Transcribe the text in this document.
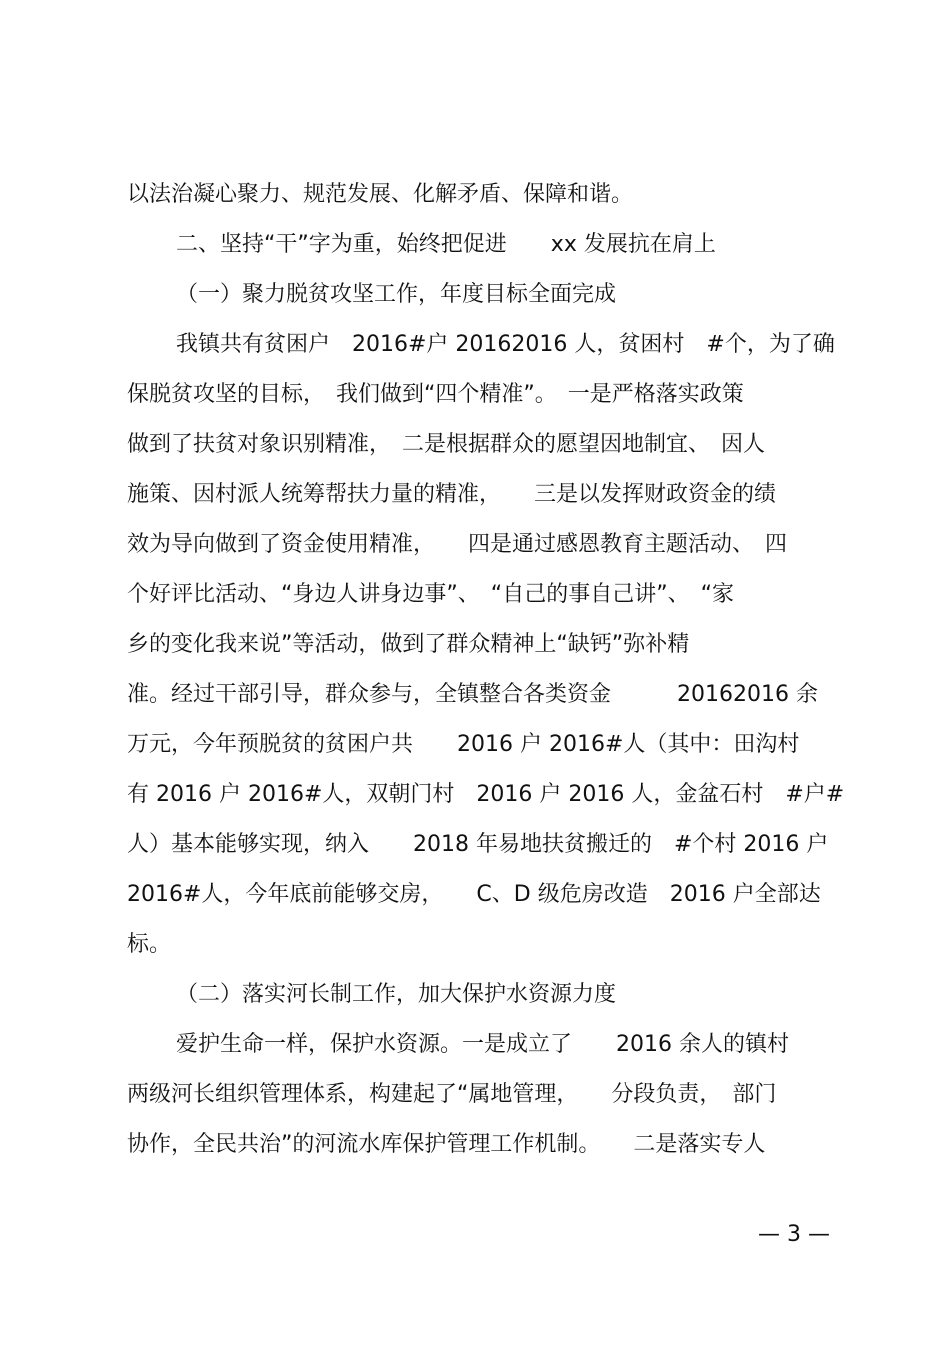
以法治凝心聚力、规范发展、化解矛盾、保障和谐。
二、坚持“干”字为重，始终把促进　　xx 发展抗在肩上
（一）聚力脱贫攻坚工作，年度目标全面完成
我镇共有贫困户　2016#户 20162016 人，贫困村　#个，为了确
保脱贫攻坚的目标，　我们做到“四个精准”。　一是严格落实政策
做到了扶贫对象识别精准，　二是根据群众的愿望因地制宜、　因人
施策、因村派人统筹帮扶力量的精准，　　三是以发挥财政资金的绩
效为导向做到了资金使用精准，　　四是通过感恩教育主题活动、　四
个好评比活动、“身边人讲身边事”、　“自己的事自己讲”、　“家
乡的变化我来说”等活动，做到了群众精神上“缺钙”弥补精
准。经过干部引导，群众参与，全镇整合各类资金　　　20162016 余
万元，今年预脱贫的贫困户共　　2016 户 2016#人（其中：田沟村
有 2016 户 2016#人，双朝门村　2016 户 2016 人，金盆石村　#户#
人）基本能够实现，纳入　　2018 年易地扶贫搬迁的　#个村 2016 户
2016#人，今年底前能够交房，　　C、D 级危房改造　2016 户全部达
标。
（二）落实河长制工作，加大保护水资源力度
爱护生命一样，保护水资源。一是成立了　　2016 余人的镇村
两级河长组织管理体系，构建起了“属地管理，　　分段负责，　部门
协作，全民共治”的河流水库保护管理工作机制。　　二是落实专人
— 3 —
